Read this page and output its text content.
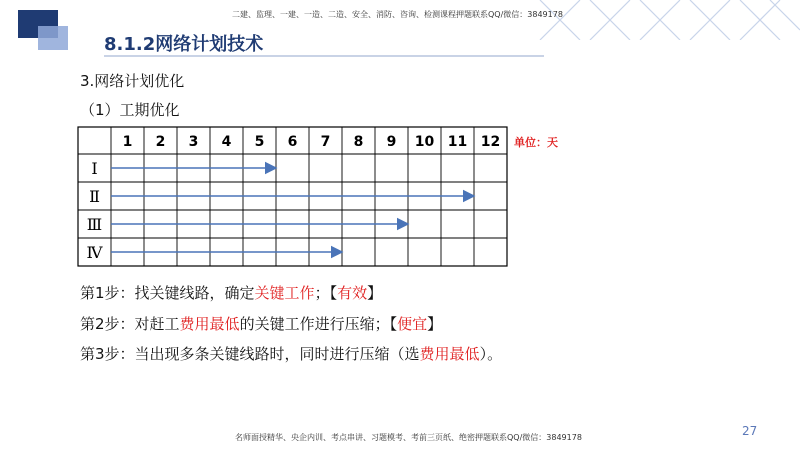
二建、监理、一建、一造、二造、安全、消防、咨询、检测课程押题联系QQ/微信：3849178
8.1.2网络计划技术
3.网络计划优化
（1）工期优化
1 2 3 4 5 6 7 8 9 10 11 12
Ⅰ
Ⅱ
Ⅲ
Ⅳ
单位：天
第1步：找关键线路，确定关键工作；【有效】
第2步：对赶工费用最低的关键工作进行压缩；【便宜】
第3步：当出现多条关键线路时，同时进行压缩（选费用最低）。
27
名师面授精华、央企内训、考点串讲、习题模考、考前三页纸、绝密押题联系QQ/微信：3849178
